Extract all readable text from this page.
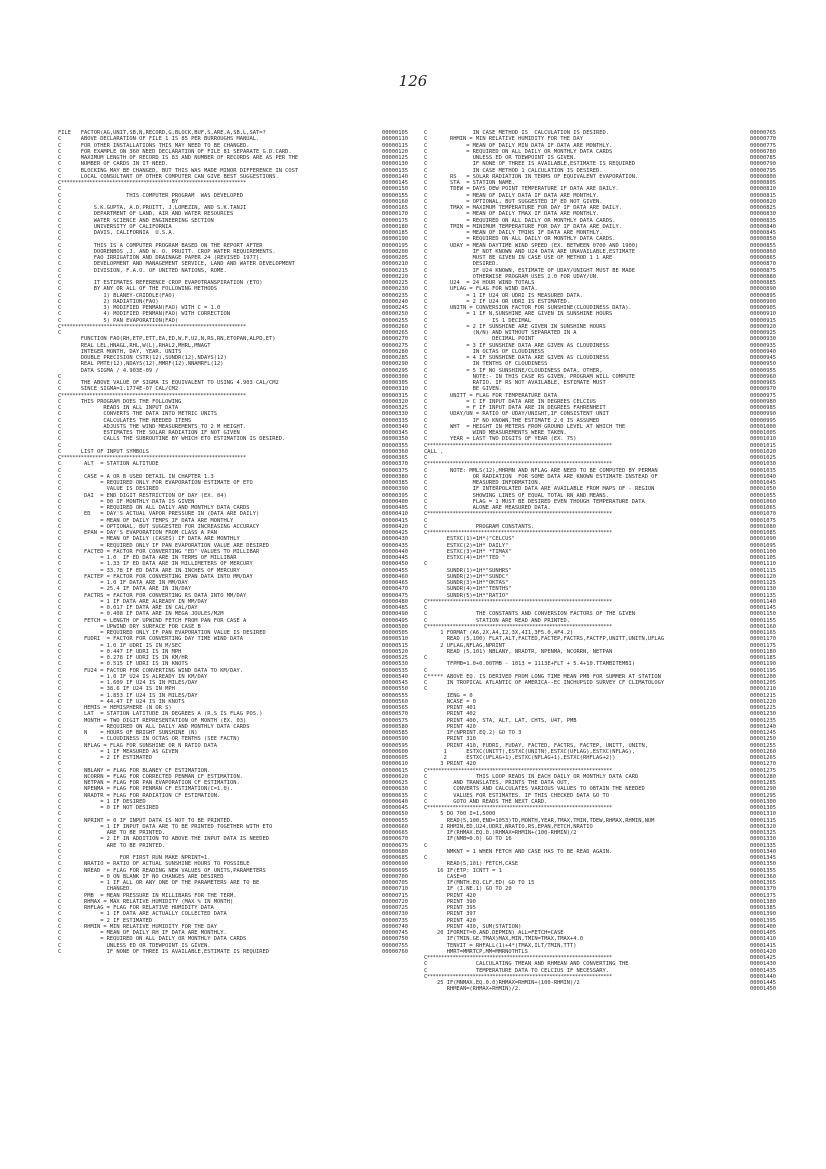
126
FILE   FACTOR(AG,UNIT,SB,N,RECORD,G,BLOCK,BUF,S,ARE,A,SB,L,SAT=?	00000105
C      ABOVE DECLARATION OF FILE 1 IS 85 PER BURROUGHS MANUAL.	00000110
C      FOR OTHER INSTALLATIONS THIS MAY NEED TO BE CHANGED.	00000115
C      FOR EXAMPLE ON 360 NEED DECLARATION OF FILE 81 SEPARATE G.D.CARD.	00000120
C      MAXIMUM LENGTH OF RECORD IS 83 AND NUMBER OF RECORDS ARE AS PER THE	00000125
C      NUMBER OF CARDS IN IT NEED.	00000130
C      BLOCKING MAY BE CHANGED, BUT THIS WAS MADE MINOR DIFFERENCE IN COST	00000135
C      LOCAL CONSULTANT OF OTHER COMPUTER CAN GIVE BEST SUGGESTIONS.	00000140
C*****************************************************************	00000145
C	00000150
C                    THIS COMPUTER PROGRAM  WAS DEVELOPED	00000155
C                                  BY	00000160
C          S.K.GUPTA, A.D.PRUITT, J.LOMEZIN, AND S.K.TANJI	00000165
C          DEPARTMENT OF LAND, AIR AND WATER RESOURCES	00000170
C          WATER SCIENCE AND ENGINEERING SECTION	00000175
C          UNIVERSITY OF CALIFORNIA	00000180
C          DAVIS, CALIFORNIA  U.S.A.	00000185
C	00000190
C          THIS IS A COMPUTER PROGRAM BASED ON THE REPORT AFTER	00000195
C          DOORENBOS ,J. AND W. O. PRUITT. CROP WATER REQUIREMENTS.	00000200
C          FAO IRRIGATION AND DRAINAGE PAPER 24 (REVISED 1977).	00000205
C          DEVELOPMENT AND MANAGEMENT SERVICE, LAND AND WATER DEVELOPMENT	00000210
C          DIVISION, F.A.O. OF UNITED NATIONS, ROME.	00000215
C	00000220
C          IT ESTIMATES REFERENCE CROP EVAPOTRANSPIRATION (ETO)	00000225
C          BY ANY OR ALL OF THE FOLLOWING METHODS	00000230
C             1) BLANEY-CRIDDLE(FAO)	00000235
C             2) RADIATION(FAO)	00000240
C             3) MODIFIED PENMAN(FAO) WITH C = 1.0	00000245
C             4) MODIFIED PENMAN(FAO) WITH CORRECTION	00000250
C             5) PAN EVAPORATION(FAO)	00000255
C*****************************************************************	00000260
C	00000265
FUNCTION FAO(RH,ETP,ETT,EA,ED,W,F,U2,N,RS,RN,ETOPAN,ALPD,ET)	00000270
REAL LEL,HNAGL,RHL,W(L),RHAL2,MHRL,MNAGT	00000275
INTEGER MONTH, DAY, YEAR, UNITS	00000280
DOUBLE PRECISION CSTR(12),SUNDR(12),NDAYS(12)	00000285
REAL PMTE(12),NDAYS(12),MMRF(12),NNAMRFL(12)	00000290
DATA SIGMA / 4.903E-09 /	00000295
C	00000300
C      THE ABOVE VALUE OF SIGMA IS EQUIVALENT TO USING 4.903 CAL/CM2	00000305
C      SINCE SIGMA=1.1774E-07 CAL/CM2	00000310
C*****************************************************************	00000315
C      THIS PROGRAM DOES THE FOLLOWING	00000320
C             READS IN ALL INPUT DATA	00000325
C             CONVERTS THE DATA INTO METRIC UNITS	00000330
C             CALCULATES THE NEEDED ITEMS	00000335
C             ADJUSTS THE WIND MEASUREMENTS TO 2 M HEIGHT.	00000340
C             ESTIMATES THE SOLAR RADIATION IF NOT GIVEN	00000345
C             CALLS THE SUBROUTINE BY WHICH ETO ESTIMATION IS DESIRED.	00000350
C	00000355
C      LIST OF INPUT SYMBOLS	00000360
C*****************************************************************	00000365
C       ALT  = STATION ALTITUDE	00000370
C	00000375
C       CASE = A OR B USED DETAIL IN CHAPTER 1.3	00000380
C            = REQUIRED ONLY FOR EVAPORATION ESTIMATE OF ETO	00000385
C              VALUE IS DESIRED	00000390
C       DAI  = END DIGIT RESTRICTION OF DAY (EX. 04)	00000395
C            = 00 IF MONTHLY DATA IS GIVEN	00000400
C            = REQUIRED ON ALL DAILY AND MONTHLY DATA CARDS	00000405
C       ED   = DAY'S ACTUAL VAPOR PRESSURE IN (DATA ARE DAILY)	00000410
C            = MEAN OF DAILY TEMPS IF DATA ARE MONTHLY	00000415
C            = OPTIONAL, BUT SUGGESTED FOR INCREASING ACCURACY	00000420
C       EPAN = DAY'S EVAPORATION FROM CLASS A PAN	00000425
C            = MEAN OF DAILY (CASES) IF DATA ARE MONTHLY	00000430
C            = REQUIRED ONLY IF PAN EVAPORATION VALUE ARE DESIRED	00000435
C       FACTED = FACTOR FOR CONVERTING "ED" VALUES TO MILLIBAR	00000440
C            = 1.0  IF ED DATA ARE IN TERMS OF MILLIBAR	00000445
C            = 1.33 IF ED DATA ARE IN MILLIMETERS OF MERCURY	00000450
C            = 33.78 IF ED DATA ARE IN INCHES OF MERCURY	00000455
C       FACTEP = FACTOR FOR CONVERTING EPAN DATA INTO MM/DAY	00000460
C            = 1.0 IF DATA ARE IN MM/DAY	00000465
C            = 25.4 IF DATA ARE IN IN/DAY	00000470
C       FACTRS = FACTOR FOR CONVERTING RS DATA INTO MM/DAY	00000475
C            = 1 IF DATA ARE ALREADY IN MM/DAY	00000480
C            = 0.017 IF DATA ARE IN CAL/DAY	00000485
C            = 0.408 IF DATA ARE IN MEGA JOULES/M2M	00000490
C       FETCH = LENGTH OF UPWIND FETCH FROM PAN FOR CASE A	00000495
C            = UPWIND DRY SURFACE FOR CASE B	00000500
C            = REQUIRED ONLY IF PAN EVAPORATION VALUE IS DESIRED	00000505
C       FUDRI  = FACTOR FOR CONVERTING DAY TIME WIND DATA	00000510
C            = 1.0 IF UDRI IS IN M/SEC	00000515
C            = 0.447 IF UDRI IS IN MPH	00000520
C            = 0.278 IF UDRI IS IN KM/HR	00000525
C            = 0.515 IF UDRI IS IN KNOTS	00000530
C       FU24 = FACTOR FOR CONVERTING WIND DATA TO KM/DAY.	00000535
C            = 1.0 IF U24 IS ALREADY IN KM/DAY	00000540
C            = 1.609 IF U24 IS IN MILES/DAY	00000545
C            = 38.6 IF U24 IS IN MPH	00000550
C            = 1.853 IF U24 IS IN MILES/DAY	00000555
C            = 44.47 IF U24 IS IN KNOTS	00000560
C       HEMIS = HEMISPHERE (N OR S)	00000565
C       LAT  = STATION LATITUDE IN DEGREES A (R.S IS FLAG POS.)	00000570
C       MONTH = TWO DIGIT REPRESENTATION OF MONTH (EX. 03)	00000575
C            = REQUIRED ON ALL DAILY AND MONTHLY DATA CARDS	00000580
C       N    = HOURS OF BRIGHT SUNSHINE (N)	00000585
C            = CLOUDINESS IN OCTAS OR TENTHS (SEE FACTN)	00000590
C       NFLAG = FLAG FOR SUNSHINE OR N RATIO DATA	00000595
C            = 1 IF MEASURED AS GIVEN	00000600
C            = 2 IF ESTIMATED	00000605
C	00000610
C       NBLANY = FLAG FOR BLANEY CF ESTIMATION.	00000615
C       NCORRN = FLAG FOR CORRECTED PENMAN CF ESTIMATION.	00000620
C       NETPAN = FLAG FOR PAN EVAPORATION CF ESTIMATION.	00000625
C       NPENMA = FLAG FOR PENMAN CF ESTIMATION(C=1.0).	00000630
C       NRADTR = FLAG FOR RADIATION CF ESTIMATION.	00000635
C            = 1 IF DESIRED	00000640
C            = 0 IF NOT DESIRED	00000645
C	00000650
C       NPRINT = 0 IF INPUT DATA IS NOT TO BE PRINTED.	00000655
C            = 1 IF INPUT DATA ARE TO BE PRINTED TOGETHER WITH ETO	00000660
C              ARE TO BE PRINTED.	00000665
C            = 2 IF IN ADDITION TO ABOVE THE INPUT DATA IS NEEDED	00000670
C              ARE TO BE PRINTED.	00000675
C	00000680
C                  FOR FIRST RUN MAKE NPRINT=1.	00000685
C       NRATIO = RATIO OF ACTUAL SUNSHINE HOURS TO POSSIBLE	00000690
C       NREAD  = FLAG FOR READING NEW VALUES OF UNITS,PARAMETERS	00000695
C            = 0 ON BLANK IF NO CHANGES ARE DESIRED	00000700
C            = 1 IF ALL OR ANY ONE OF THE PARAMETERS ARE TO BE	00000705
C              CHANGED.	00000710
C       PMB  = MEAN PRESSURE IN MILLIBARS FOR THE TERM.	00000715
C       RHMAX = MAX RELATIVE HUMIDITY (MAX % IN MONTH)	00000720
C       RHFLAG = FLAG FOR RELATIVE HUMIDITY DATA	00000725
C            = 1 IF DATA ARE ACTUALLY COLLECTED DATA	00000730
C            = 2 IF ESTIMATED	00000735
C       RHMIN = MIN RELATIVE HUMIDITY FOR THE DAY	00000740
C            = MEAN OF DAILY RH IF DATA ARE MONTHLY.	00000745
C            = REQUIRED ON ALL DAILY OR MONTHLY DATA CARDS	00000750
C              UNLESS ED OR TDEWPOINT IS GIVEN.	00000755
C              IF NONE OF THREE IS AVAILABLE,ESTIMATE IS REQUIRED	00000760
C              IN CASE METHOD IS  CALCULATION IS DESIRED.	00000765
C       RHMIN = MIN RELATIVE HUMIDITY FOR THE DAY	00000770
C            = MEAN OF DAILY MIN DATA IF DATA ARE MONTHLY.	00000775
C            = REQUIRED ON ALL DAILY OR MONTHLY DATA CARDS	00000780
C              UNLESS ED OR TDEWPOINT IS GIVEN.	00000785
C              IF NONE OF THREE IS AVAILABLE,ESTIMATE IS REQUIRED	00000790
C              IN CASE METHOD 1 CALCULATION IS DESIRED.	00000795
C       RS   = SOLAR RADIATION IN TERMS OF EQUIVALENT EVAPORATION.	00000800
C       STA  = STATION NAME.	00000805
C       TDEW = DAYS DEW POINT TEMPERATURE IF DATA ARE DAILY.	00000810
C            = MEAN OF DAILY DATA IF DATA ARE MONTHLY.	00000815
C            = OPTIONAL, BUT SUGGESTED IF ED NOT GIVEN.	00000820
C       TMAX = MAXIMUM TEMPERATURE FOR DAY IF DATA ARE DAILY.	00000825
C            = MEAN OF DAILY TMAX IF DATA ARE MONTHLY.	00000830
C            = REQUIRED ON ALL DAILY OR MONTHLY DATA CARDS.	00000835
C       TMIN = MINIMUM TEMPERATURE FOR DAY IF DATA ARE DAILY.	00000840
C            = MEAN OF DAILY TMINS IF DATA ARE MONTHLY.	00000845
C            = REQUIRED ON ALL DAILY OR MONTHLY DATA CARDS.	00000850
C       UDAY = MEAN DAYTIME WIND SPEED (EX. BETWEEN 0700 AND 1900)	00000855
C              IF NOT KNOWN AND U24 DATA ARE UNAVAILABLE,ESTIMATE	00000860
C              MUST BE GIVEN IN CASE USE OF METHOD 1 1 ARE	00000865
C              DESIRED.	00000870
C              IF U24 KNOWN, ESTIMATE OF UDAY/UNIGHT MUST BE MADE	00000875
C              OTHERWISE PROGRAM USES 2.0 FOR UDAY/UN.	00000880
C       U24  = 24 HOUR WIND TOTALS	00000885
C       UFLAG = FLAG FOR WIND DATA.	00000890
C            = 1 IF U24 OR UDRI IS MEASURED DATA.	00000895
C            = 2 IF U24 OR UDRI IS ESTIMATED.	00000900
C       UNITN = CONVERSION FACTOR FOR SUNSHINE(CLOUDINESS DATA).	00000905
C            = 1 IF N,SUNSHINE ARE GIVEN IN SUNSHINE HOURS	00000910
C                    IS 1 DECIMAL	00000915
C            = 2 IF SUNSHINE ARE GIVEN IN SUNSHINE HOURS	00000920
C              (N/N) AND WITHOUT SEPARATED IN A	00000925
C                    DECIMAL POINT	00000930
C            = 3 IF SUNSHINE DATA ARE GIVEN AS CLOUDINESS	00000935
C              IN OCTAS OF CLOUDINESS	00000940
C            = 4 IF SUNSHINE DATA ARE GIVEN AS CLOUDINESS	00000945
C              IN TENTHS OF CLOUDINESS	00000950
C            = 5 IF NO SUNSHINE/CLOUDINESS DATA, OTHER,	00000955
C              NOTE:- IN THIS CASE RS GIVEN, PROGRAM WILL COMPUTE	00000960
C              RATIO. IF RS NOT AVAILABLE, ESTIMATE MUST	00000965
C              BE GIVEN.	00000970
C       UNITT = FLAG FOR TEMPERATURE DATA	00000975
C            = C IF INPUT DATA ARE IN DEGREES CELCIUS	00000980
C            = F IF INPUT DATA ARE IN DEGREES FAHRENHEIT	00000985
C       UDAY/UN = RATIO OF UDAY/UNIGHT,IF CONSISTENT UNIT	00000990
C              IF NO KNOWN,THE ESTIMATE 2.0 IS ASSUMED	00000995
C       WHT  = HEIGHT IN METERS FROM GROUND LEVEL AT WHICH THE	00001000
C              WIND MEASUREMENTS WERE TAKEN.	00001005
C       YEAR = LAST TWO DIGITS OF YEAR (EX. 75)	00001010
C*****************************************************************	00001015
CALL ,	00001020
C	00001025
C*****************************************************************	00001030
C       NOTE: MMLS(12),MHRMN AND NFLAG ARE NEED TO BE COMPUTED BY PERMAN	00001035
C              OR RADIATION  FOR SOME DATA ARE KNOWN ESTIMATE INSTEAD OF	00001040
C              MEASURED INFORMATION.	00001045
C              IF INTERPOLATED DATA ARE AVAILABLE FROM MAPS OF - REGION	00001050
C              SHOWING LINES OF EQUAL TOTAL RN AND MEANS.	00001055
C              FLAG = 1 MUST BE DESIRED EVEN THOUGH TEMPERATURE DATA	00001060
C              ALONE ARE MEASURED DATA.	00001065
C*****************************************************************	00001070
C	00001075
C               PROGRAM CONSTANTS.	00001080
C*****************************************************************	00001085
ESTXC(1)=1H*("CELCUS"	00001090
ESTXC(2)=1H* DAILY"	00001095
ESTXC(3)=1H* *TIMAX"	00001100
ESTXC(4)=1H*"TED "	00001105
C	00001110
SUNDR(1)=1H*"SUNHRS"	00001115
SUNDR(2)=1H*"SUNDC"	00001120
SUNDR(3)=1H*"OKTAS"	00001125
SUNDR(4)=1H*"TENTHS"	00001130
SUNDR(5)=1H*"RATIO"	00001135
C*****************************************************************	00001140
C	00001145
C               THE CONSTANTS AND CONVERSION FACTORS OF THE GIVEN	00001150
C               STATION ARE READ AND PRINTED.	00001155
C*****************************************************************	00001160
1 FORMAT (A6,2X,A4,I2,3X,4I1,3F5.0,4F4.2)	00001165
READ (5,100) FLAT,ALT,FACTED,FACTEP,FACTRS,FACTFP,UNITT,UNITN,UFLAG	00001170
2 UFLAG,NFLAG,NPRINT	00001175
READ (5,101) NBLANY, NRADTR, NPENMA, NCORRN, NETPAN	00001180
C	00001185
TFPMB=1.0+0.00TMB - 1013 = 1113E+FLT + 5.4+10.TTAMBITEMBI)	00001190
C	00001195
C***** ABOVE EQ. IS DERIVED FROM LONG TIME MEAN PMB FOR SUMMER AT STATION	00001200
C      IN TROPICAL ATLANTIC OF AMERICA--EC INCHUPSID SURVEY CF CLIMATOLOGY	00001205
C	00001210
IENG = 0	00001215
NCASE = 0	00001220
PRINT 401	00001225
PRINT 402	00001230
PRINT 400, STA, ALT, LAT, CHTS, U4T, PMB	00001235
PRINT 420	00001240
IF(NPRINT.EQ.2) GO TO 3	00001245
PRINT 310	00001250
PRINT 410, FUDRI, FUDAY, FACTED, FACTRS, FACTEP, UNITT, UNITN,	00001255
1      ESTXC(UNITT),ESTXC(UNITN),ESTXC(UFLAG),ESTXC(NFLAG),	00001260
2      ESTXC(UFLAG+1),ESTXC(NFLAG+1),ESTXC(RHFLAG+2))	00001265
3 PRINT 420	00001270
C*****************************************************************	00001275
C               THIS LOOP READS IN EACH DAILY OR MONTHLY DATA CARD	00001280
C        AND TRANSLATES, PRINTS THE DATA OUT,	00001285
C        CONVERTS AND CALCULATES VARIOUS VALUES TO OBTAIN THE NEEDED	00001290
C        VALUES FOR ESTIMATES. IF THIS CHECKED DATA GO TO	00001295
C        GOTO AND READS THE NEXT CARD.	00001300
C*****************************************************************	00001305
5 DO 700 I=1,5000	00001310
READ(5,100,END=1053)TD,MONTH,YEAR,TMAX,TMIN,TDEW,RHMAX,RHMIN,NUM	00001315
2 RHMIN,ED,U24,UDRI,NRATIO,RS,EPAN,FETCH,NRATIO	00001320
IF(RHMAX.EQ.0.)RHMAX=RHMIN+(100-RHMIN)/2	00001325
IF(NMB=0.0) GO TO 16	00001330
C	00001335
NMKNT = 1 WHEN FETCH AND CASE HAS TO BE READ AGAIN.	00001340
C	00001345
READ(5,101) FETCH,CASE	00001350
16 IF(ETP: ICNTT = 1	00001355
CASE=0	00001360
IF(MNTH.EQ.CLF.ED) GO TO 15	00001365
IF (I.NE.1) GO TO 20	00001370
PRINT 420	00001375
PRINT 390	00001380
PRINT 395	00001385
PRINT 397	00001390
PRINT 420	00001395
PRINT 430, SUM(STATION)	00001400
20 IFORMIT=0.AND.DEPMIN) ALL=FETCH=CASE	00001405
IF(TMIN.GE.TMAX)MAX,MIN,TMIN=TMAX,TMAX+4.0	00001410
TENVIT = RHFALL(1)+4*(TMAX,ILT/TMIN,TTT)	00001415
HMRT=MMRTCP,MM=MMRNOTHTLS	00001420
C*****************************************************************	00001425
C               CALCULATING TMEAN AND RHMEAN AND CONVERTING THE	00001430
C               TEMPERATURE DATA TO CELCIUS IF NECESSARY.	00001435
C*****************************************************************	00001440
25 IF(MNMAX.EQ.0.0)RHMAX=RHMIN+(100-RHMIN)/2	00001445
RHMEAN=(RHMAX+RHMIN)/2.	00001450
